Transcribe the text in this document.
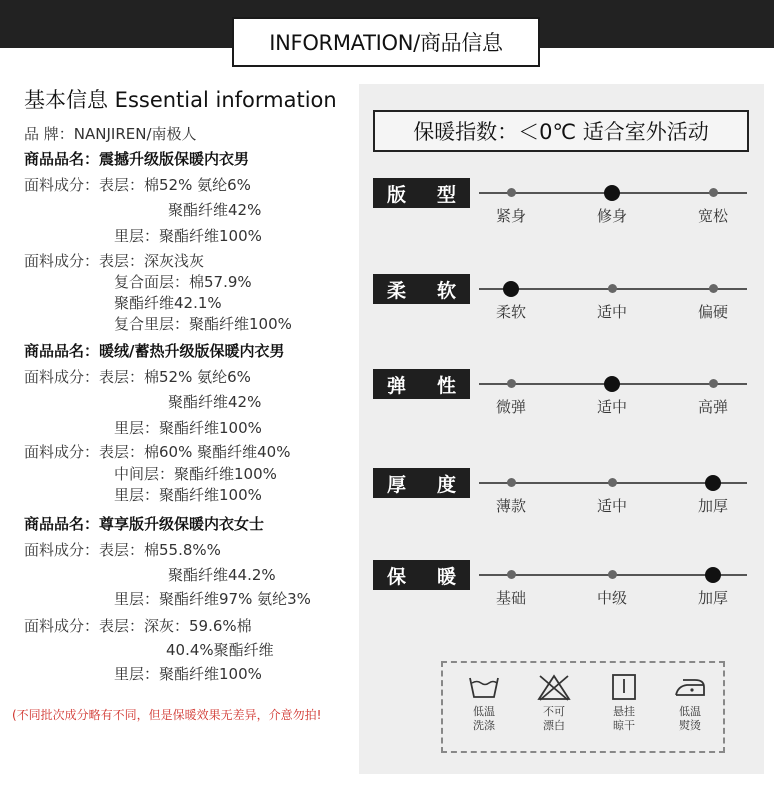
INFORMATION/商品信息
基本信息 Essential information
品 牌：NANJIREN/南极人
商品品名：震撼升级版保暖内衣男
面料成分：表层：棉52% 氨纶6%
聚酯纤维42%
里层：聚酯纤维100%
面料成分：表层：深灰浅灰
复合面层：棉57.9%
聚酯纤维42.1%
复合里层：聚酯纤维100%
商品品名：暖绒/蓄热升级版保暖内衣男
面料成分：表层：棉52% 氨纶6%
聚酯纤维42%
里层：聚酯纤维100%
面料成分：表层：棉60% 聚酯纤维40%
中间层：聚酯纤维100%
里层：聚酯纤维100%
商品品名：尊享版升级保暖内衣女士
面料成分：表层：棉55.8%%
聚酯纤维44.2%
里层：聚酯纤维97% 氨纶3%
面料成分：表层：深灰：59.6%棉
40.4%聚酯纤维
里层：聚酯纤维100%
(不同批次成分略有不同，但是保暖效果无差异，介意勿拍!
保暖指数：＜0℃ 适合室外活动
版 型
紧身	修身	宽松
柔 软
柔软	适中	偏硬
弹 性
微弹	适中	高弹
厚 度
薄款	适中	加厚
保 暖
基础	中级	加厚
低温
洗涤
不可
漂白
悬挂
晾干
低温
熨烫
